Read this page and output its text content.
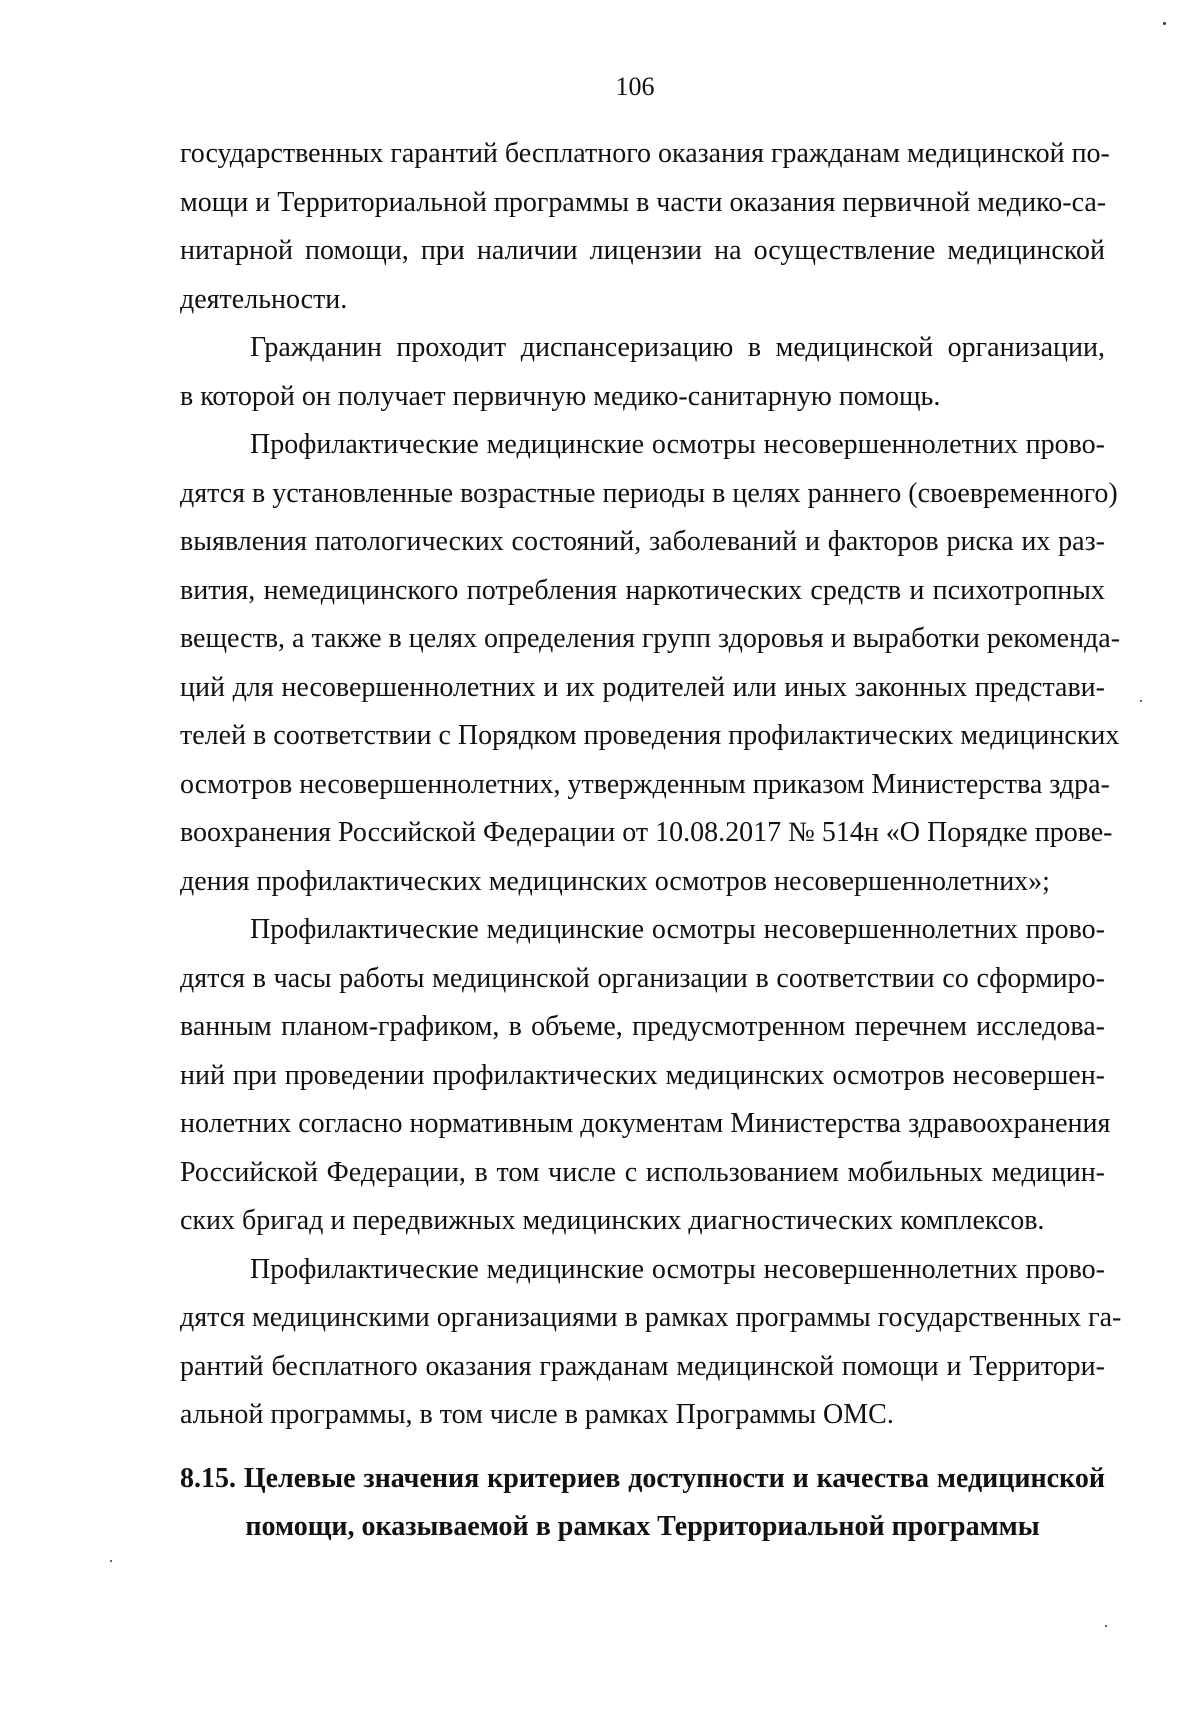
106
государственных гарантий бесплатного оказания гражданам медицинской по-
мощи и Территориальной программы в части оказания первичной медико-са-
нитарной помощи, при наличии лицензии на осуществление медицинской
деятельности.
Гражданин проходит диспансеризацию в медицинской организации,
в которой он получает первичную медико-санитарную помощь.
Профилактические медицинские осмотры несовершеннолетних прово-
дятся в установленные возрастные периоды в целях раннего (своевременного)
выявления патологических состояний, заболеваний и факторов риска их раз-
вития, немедицинского потребления наркотических средств и психотропных
веществ, а также в целях определения групп здоровья и выработки рекоменда-
ций для несовершеннолетних и их родителей или иных законных представи-
телей в соответствии с Порядком проведения профилактических медицинских
осмотров несовершеннолетних, утвержденным приказом Министерства здра-
воохранения Российской Федерации от 10.08.2017 № 514н «О Порядке прове-
дения профилактических медицинских осмотров несовершеннолетних»;
Профилактические медицинские осмотры несовершеннолетних прово-
дятся в часы работы медицинской организации в соответствии со сформиро-
ванным планом-графиком, в объеме, предусмотренном перечнем исследова-
ний при проведении профилактических медицинских осмотров несовершен-
нолетних согласно нормативным документам Министерства здравоохранения
Российской Федерации, в том числе с использованием мобильных медицин-
ских бригад и передвижных медицинских диагностических комплексов.
Профилактические медицинские осмотры несовершеннолетних прово-
дятся медицинскими организациями в рамках программы государственных га-
рантий бесплатного оказания гражданам медицинской помощи и Территори-
альной программы, в том числе в рамках Программы ОМС.
8.15. Целевые значения критериев доступности и качества медицинской
помощи, оказываемой в рамках Территориальной программы
